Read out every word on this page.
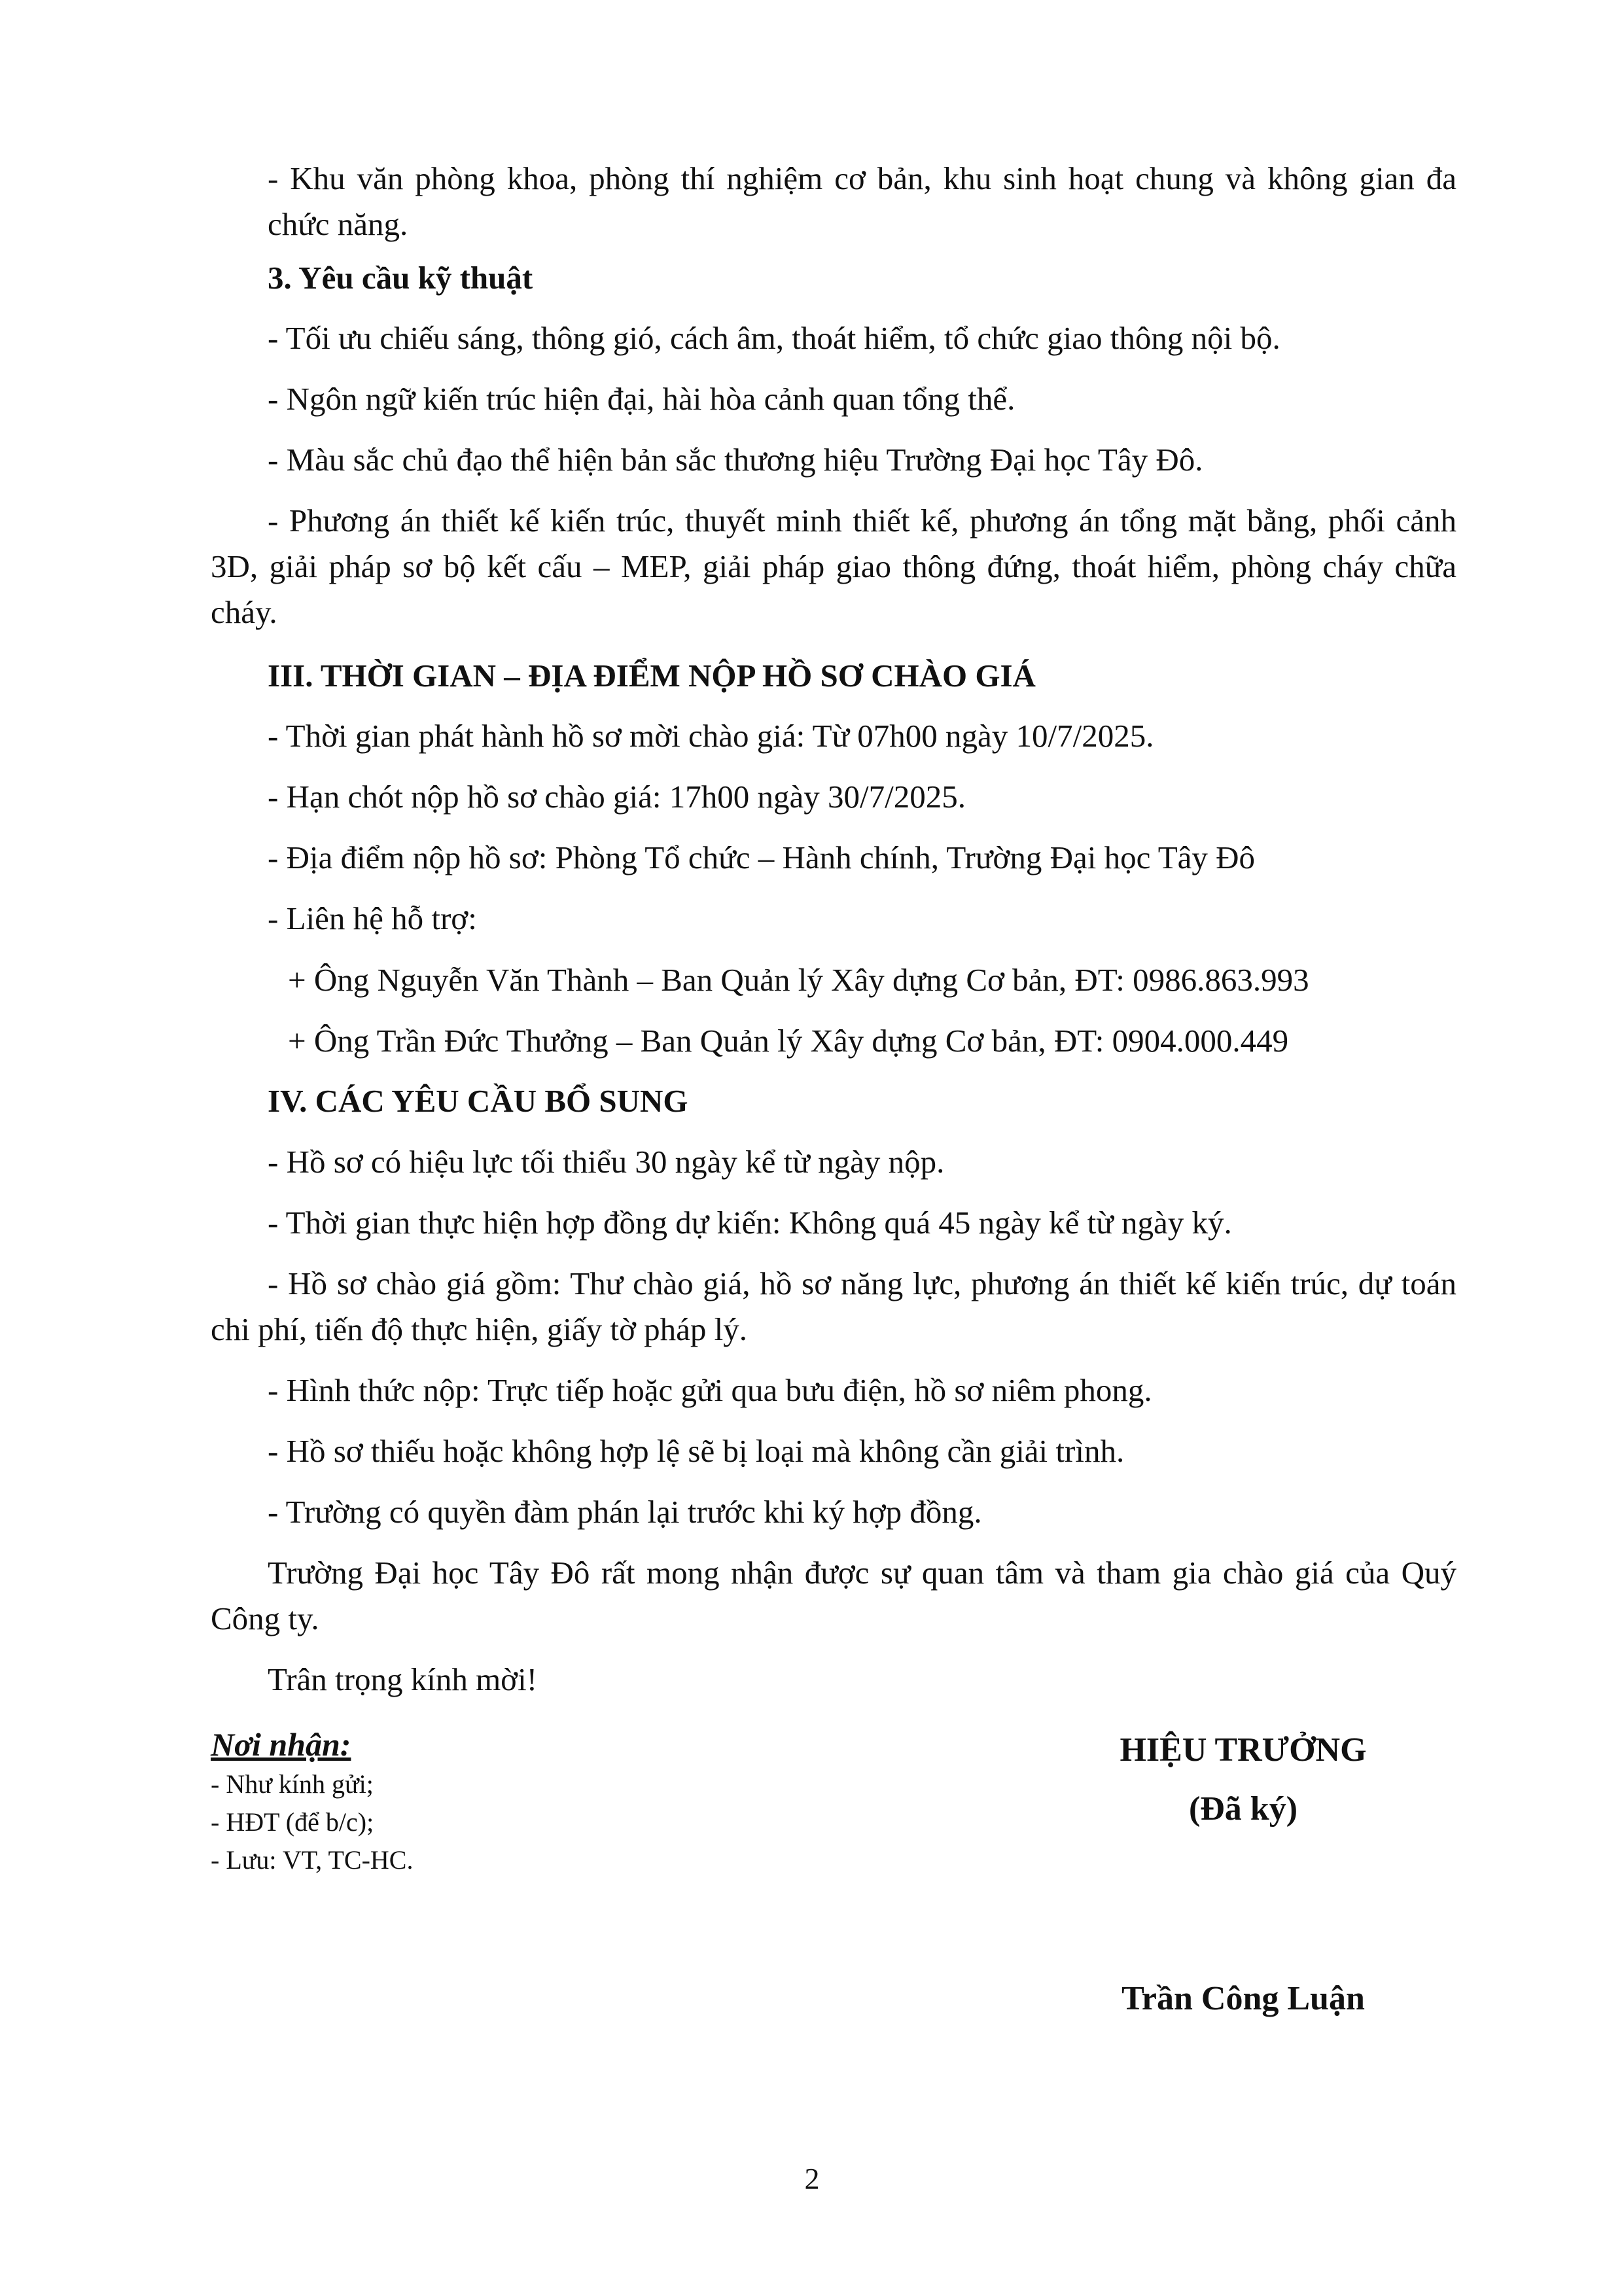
- Khu văn phòng khoa, phòng thí nghiệm cơ bản, khu sinh hoạt chung và không gian đa chức năng.
3. Yêu cầu kỹ thuật
- Tối ưu chiếu sáng, thông gió, cách âm, thoát hiểm, tổ chức giao thông nội bộ.
- Ngôn ngữ kiến trúc hiện đại, hài hòa cảnh quan tổng thể.
- Màu sắc chủ đạo thể hiện bản sắc thương hiệu Trường Đại học Tây Đô.
- Phương án thiết kế kiến trúc, thuyết minh thiết kế, phương án tổng mặt bằng, phối cảnh 3D, giải pháp sơ bộ kết cấu – MEP, giải pháp giao thông đứng, thoát hiểm, phòng cháy chữa cháy.
III. THỜI GIAN – ĐỊA ĐIỂM NỘP HỒ SƠ CHÀO GIÁ
- Thời gian phát hành hồ sơ mời chào giá: Từ 07h00 ngày 10/7/2025.
- Hạn chót nộp hồ sơ chào giá: 17h00 ngày 30/7/2025.
- Địa điểm nộp hồ sơ: Phòng Tổ chức – Hành chính, Trường Đại học Tây Đô
- Liên hệ hỗ trợ:
+ Ông Nguyễn Văn Thành – Ban Quản lý Xây dựng Cơ bản, ĐT: 0986.863.993
+ Ông Trần Đức Thưởng – Ban Quản lý Xây dựng Cơ bản, ĐT: 0904.000.449
IV. CÁC YÊU CẦU BỔ SUNG
- Hồ sơ có hiệu lực tối thiểu 30 ngày kể từ ngày nộp.
- Thời gian thực hiện hợp đồng dự kiến: Không quá 45 ngày kể từ ngày ký.
- Hồ sơ chào giá gồm: Thư chào giá, hồ sơ năng lực, phương án thiết kế kiến trúc, dự toán chi phí, tiến độ thực hiện, giấy tờ pháp lý.
- Hình thức nộp: Trực tiếp hoặc gửi qua bưu điện, hồ sơ niêm phong.
- Hồ sơ thiếu hoặc không hợp lệ sẽ bị loại mà không cần giải trình.
- Trường có quyền đàm phán lại trước khi ký hợp đồng.
Trường Đại học Tây Đô rất mong nhận được sự quan tâm và tham gia chào giá của Quý Công ty.
Trân trọng kính mời!
Nơi nhận:
- Như kính gửi;
- HĐT (để b/c);
- Lưu: VT, TC-HC.
HIỆU TRƯỞNG
(Đã ký)
Trần Công Luận
2
